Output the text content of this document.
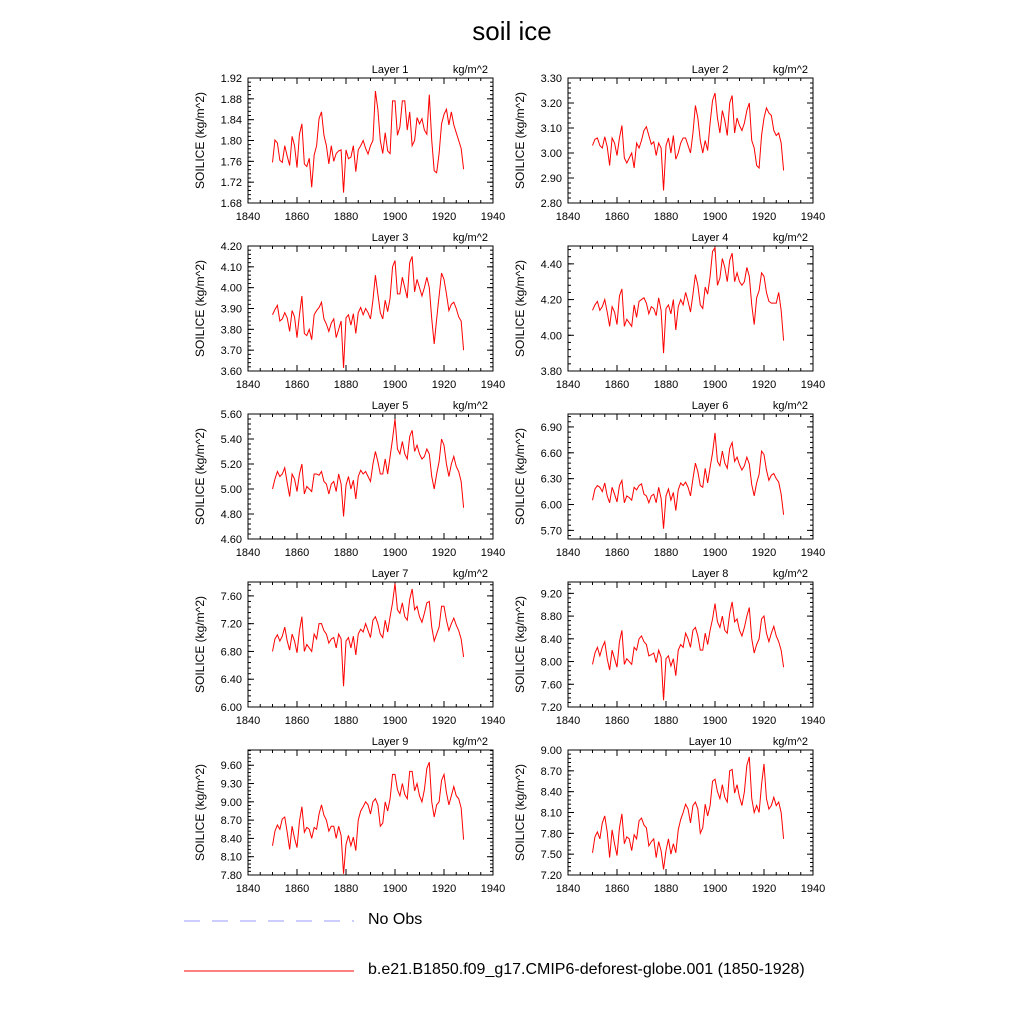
soil ice
1840 1860 1880 1900 1920 1940
1.68
1.72
1.76
1.80
1.84
1.88
1.92
Layer 1	kg/m^2
SOILICE (kg/m^2)
1840 1860 1880 1900 1920 1940
2.80
2.90
3.00
3.10
3.20
3.30
Layer 2	kg/m^2
SOILICE (kg/m^2)
1840 1860 1880 1900 1920 1940
3.60
3.70
3.80
3.90
4.00
4.10
4.20
Layer 3	kg/m^2
SOILICE (kg/m^2)
1840 1860 1880 1900 1920 1940
3.80
4.00
4.20
4.40
Layer 4	kg/m^2
SOILICE (kg/m^2)
1840 1860 1880 1900 1920 1940
4.60
4.80
5.00
5.20
5.40
5.60
Layer 5	kg/m^2
SOILICE (kg/m^2)
1840 1860 1880 1900 1920 1940
5.70
6.00
6.30
6.60
6.90
Layer 6	kg/m^2
SOILICE (kg/m^2)
1840 1860 1880 1900 1920 1940
6.00
6.40
6.80
7.20
7.60
Layer 7	kg/m^2
SOILICE (kg/m^2)
1840 1860 1880 1900 1920 1940
7.20
7.60
8.00
8.40
8.80
9.20
Layer 8	kg/m^2
SOILICE (kg/m^2)
1840 1860 1880 1900 1920 1940
7.80
8.10
8.40
8.70
9.00
9.30
9.60
Layer 9	kg/m^2
SOILICE (kg/m^2)
1840 1860 1880 1900 1920 1940
7.20
7.50
7.80
8.10
8.40
8.70
9.00
Layer 10	kg/m^2
SOILICE (kg/m^2)
No Obs
b.e21.B1850.f09_g17.CMIP6-deforest-globe.001 (1850-1928)
